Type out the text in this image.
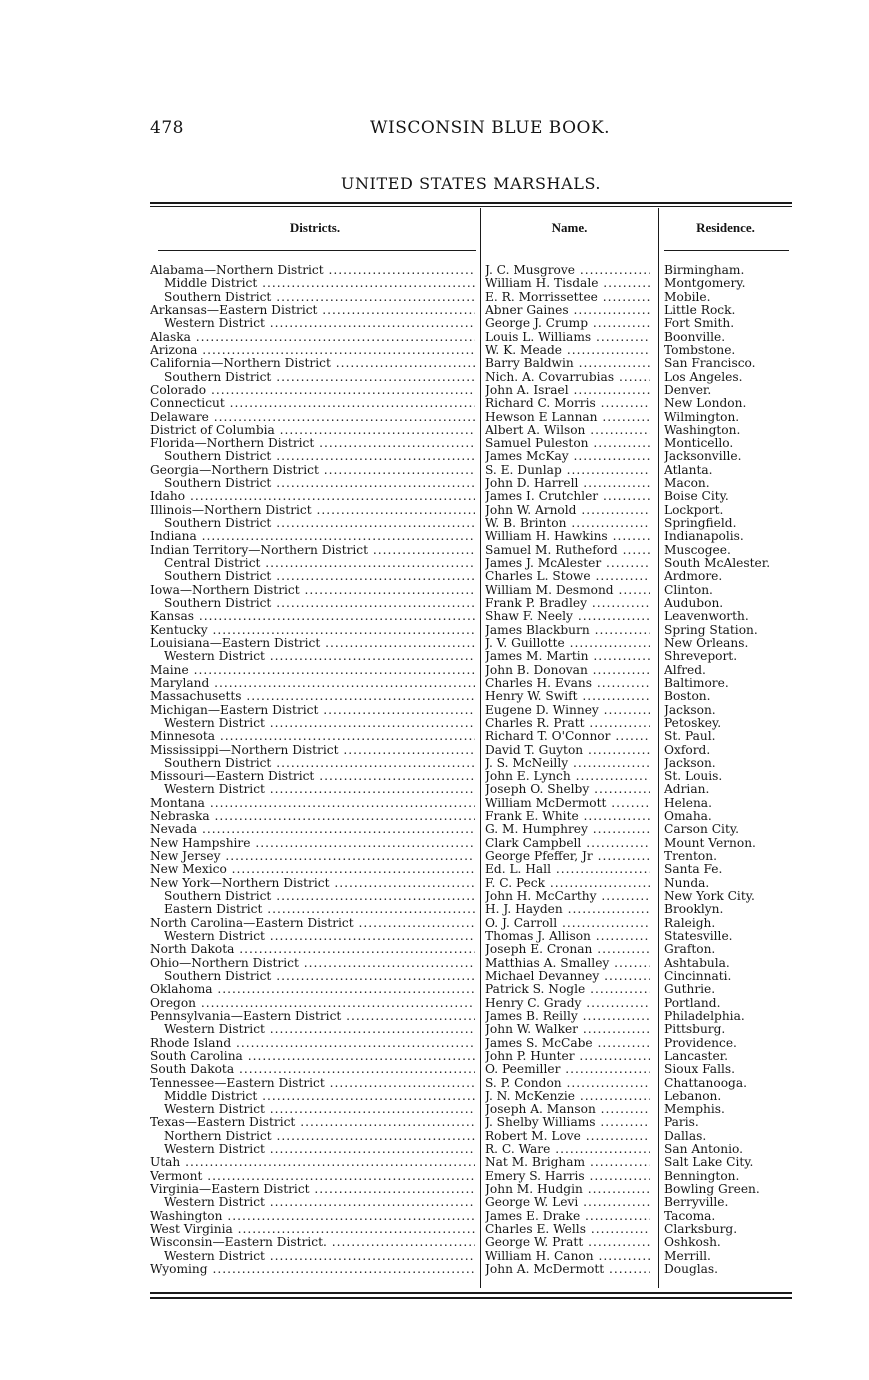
478	WISCONSIN BLUE BOOK.
UNITED STATES MARSHALS.
Districts.	Name.	Residence.
Alabama—Northern District .....	J. C. Musgrove .....	Birmingham.
Middle District .....	William H. Tisdale .....	Montgomery.
Southern District .....	E. R. Morrissettee .....	Mobile.
Arkansas—Eastern District .....	Abner Gaines .....	Little Rock.
Western District .....	George J. Crump .....	Fort Smith.
Alaska .....	Louis L. Williams .....	Boonville.
Arizona .....	W. K. Meade .....	Tombstone.
California—Northern District .....	Barry Baldwin .....	San Francisco.
Southern District .....	Nich. A. Covarrubias .....	Los Angeles.
Colorado .....	John A. Israel .....	Denver.
Connecticut .....	Richard C. Morris .....	New London.
Delaware .....	Hewson E Lannan .....	Wilmington.
District of Columbia .....	Albert A. Wilson .....	Washington.
Florida—Northern District .....	Samuel Puleston .....	Monticello.
Southern District .....	James McKay .....	Jacksonville.
Georgia—Northern District .....	S. E. Dunlap .....	Atlanta.
Southern District .....	John D. Harrell .....	Macon.
Idaho .....	James I. Crutchler .....	Boise City.
Illinois—Northern District .....	John W. Arnold .....	Lockport.
Southern District .....	W. B. Brinton .....	Springfield.
Indiana .....	William H. Hawkins .....	Indianapolis.
Indian Territory—Northern District .....	Samuel M. Rutheford .....	Muscogee.
Central District .....	James J. McAlester .....	South McAlester.
Southern District .....	Charles L. Stowe .....	Ardmore.
Iowa—Northern District .....	William M. Desmond .....	Clinton.
Southern District .....	Frank P. Bradley .....	Audubon.
Kansas .....	Shaw F. Neely .....	Leavenworth.
Kentucky .....	James Blackburn .....	Spring Station.
Louisiana—Eastern District .....	J. V. Guillotte .....	New Orleans.
Western District .....	James M. Martin .....	Shreveport.
Maine .....	John B. Donovan .....	Alfred.
Maryland .....	Charles H. Evans .....	Baltimore.
Massachusetts .....	Henry W. Swift .....	Boston.
Michigan—Eastern District .....	Eugene D. Winney .....	Jackson.
Western District .....	Charles R. Pratt .....	Petoskey.
Minnesota .....	Richard T. O'Connor .....	St. Paul.
Mississippi—Northern District .....	David T. Guyton .....	Oxford.
Southern District .....	J. S. McNeilly .....	Jackson.
Missouri—Eastern District .....	John E. Lynch .....	St. Louis.
Western District .....	Joseph O. Shelby .....	Adrian.
Montana .....	William McDermott .....	Helena.
Nebraska .....	Frank E. White .....	Omaha.
Nevada .....	G. M. Humphrey .....	Carson City.
New Hampshire .....	Clark Campbell .....	Mount Vernon.
New Jersey .....	George Pfeffer, Jr .....	Trenton.
New Mexico .....	Ed. L. Hall .....	Santa Fe.
New York—Northern District .....	F. C. Peck .....	Nunda.
Southern District .....	John H. McCarthy .....	New York City.
Eastern District .....	H. J. Hayden .....	Brooklyn.
North Carolina—Eastern District .....	O. J. Carroll .....	Raleigh.
Western District .....	Thomas J. Allison .....	Statesville.
North Dakota .....	Joseph E. Cronan .....	Grafton.
Ohio—Northern District .....	Matthias A. Smalley .....	Ashtabula.
Southern District .....	Michael Devanney .....	Cincinnati.
Oklahoma .....	Patrick S. Nogle .....	Guthrie.
Oregon .....	Henry C. Grady .....	Portland.
Pennsylvania—Eastern District .....	James B. Reilly .....	Philadelphia.
Western District .....	John W. Walker .....	Pittsburg.
Rhode Island .....	James S. McCabe .....	Providence.
South Carolina .....	John P. Hunter .....	Lancaster.
South Dakota .....	O. Peemiller .....	Sioux Falls.
Tennessee—Eastern District .....	S. P. Condon .....	Chattanooga.
Middle District .....	J. N. McKenzie .....	Lebanon.
Western District .....	Joseph A. Manson .....	Memphis.
Texas—Eastern District .....	J. Shelby Williams .....	Paris.
Northern District .....	Robert M. Love .....	Dallas.
Western District .....	R. C. Ware .....	San Antonio.
Utah .....	Nat M. Brigham .....	Salt Lake City.
Vermont .....	Emery S. Harris .....	Bennington.
Virginia—Eastern District .....	John M. Hudgin .....	Bowling Green.
Western District .....	George W. Levi .....	Berryville.
Washington .....	James E. Drake .....	Tacoma.
West Virginia .....	Charles E. Wells .....	Clarksburg.
Wisconsin—Eastern District. .....	George W. Pratt .....	Oshkosh.
Western District .....	William H. Canon .....	Merrill.
Wyoming .....	John A. McDermott .....	Douglas.
